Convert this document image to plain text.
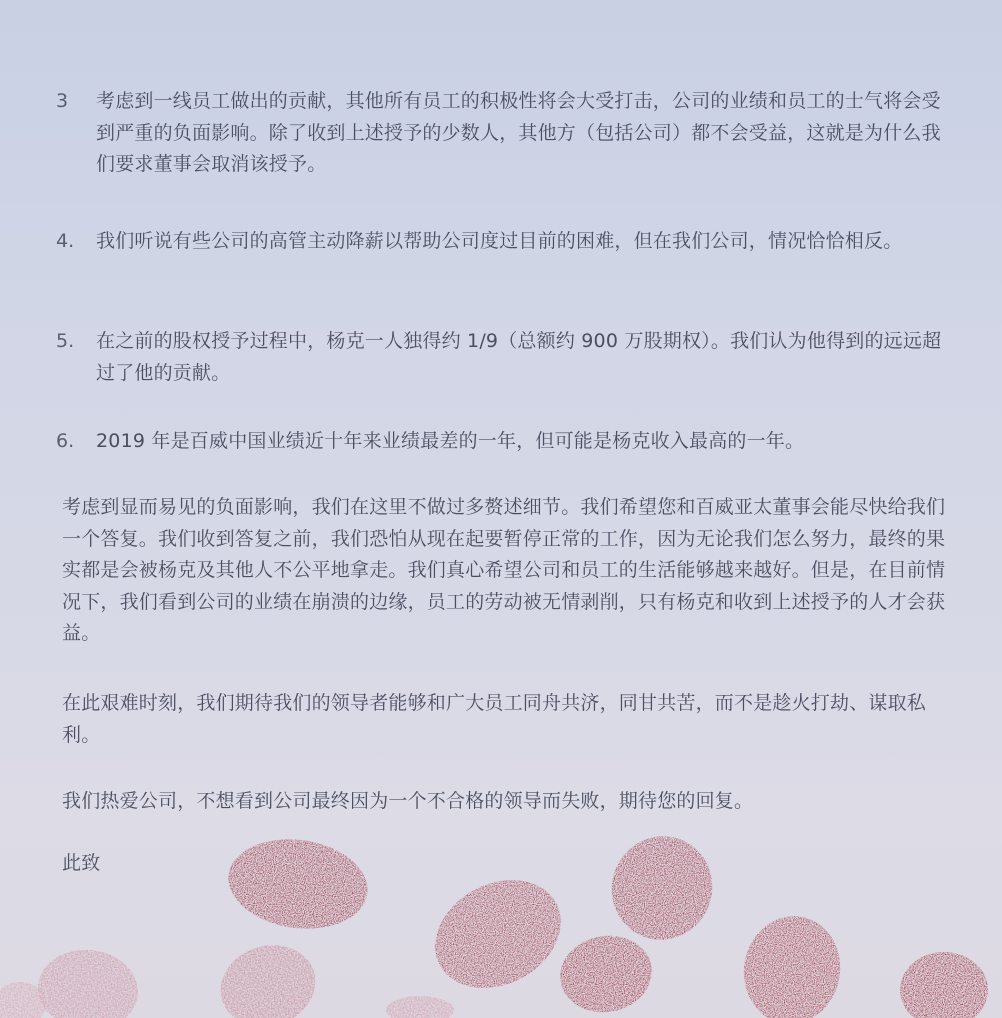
3 考虑到一线员工做出的贡献，其他所有员工的积极性将会大受打击，公司的业绩和员工的士气将会受到严重的负面影响。除了收到上述授予的少数人，其他方（包括公司）都不会受益，这就是为什么我们要求董事会取消该授予。
4. 我们听说有些公司的高管主动降薪以帮助公司度过目前的困难，但在我们公司，情况恰恰相反。
5. 在之前的股权授予过程中，杨克一人独得约 1/9（总额约 900 万股期权）。我们认为他得到的远远超过了他的贡献。
6. 2019 年是百威中国业绩近十年来业绩最差的一年，但可能是杨克收入最高的一年。
考虑到显而易见的负面影响，我们在这里不做过多赘述细节。我们希望您和百威亚太董事会能尽快给我们一个答复。我们收到答复之前，我们恐怕从现在起要暂停正常的工作，因为无论我们怎么努力，最终的果实都是会被杨克及其他人不公平地拿走。我们真心希望公司和员工的生活能够越来越好。但是，在目前情况下，我们看到公司的业绩在崩溃的边缘，员工的劳动被无情剥削，只有杨克和收到上述授予的人才会获益。
在此艰难时刻，我们期待我们的领导者能够和广大员工同舟共济，同甘共苦，而不是趁火打劫、谋取私利。
我们热爱公司，不想看到公司最终因为一个不合格的领导而失败，期待您的回复。
此致
